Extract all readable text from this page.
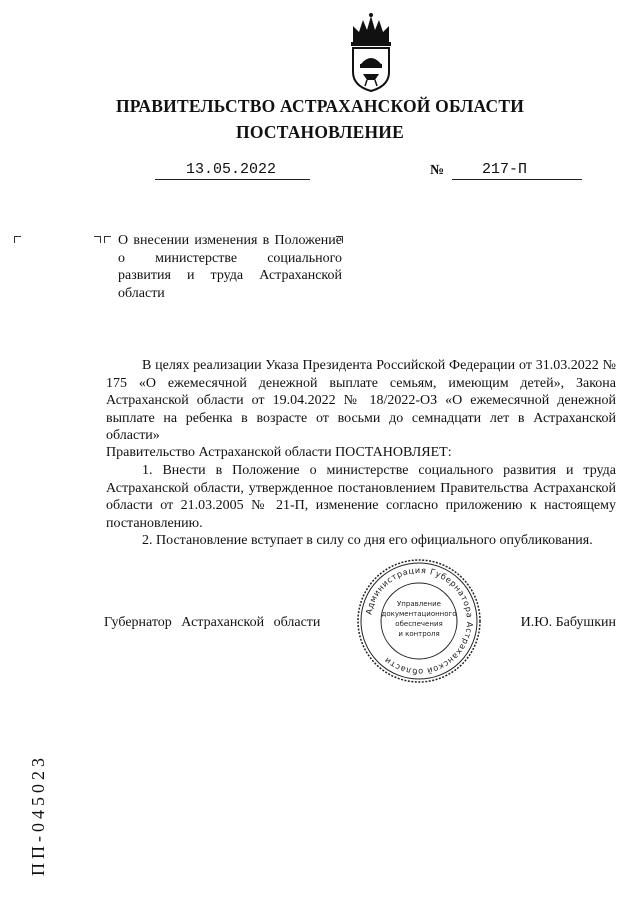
ПРАВИТЕЛЬСТВО АСТРАХАНСКОЙ ОБЛАСТИ
ПОСТАНОВЛЕНИЕ
13.05.2022	№	217-П
О внесении изменения в Положение о министерстве социального развития и труда Астраханской области
В целях реализации Указа Президента Российской Федерации от 31.03.2022 № 175 «О ежемесячной денежной выплате семьям, имеющим детей», Закона Астраханской области от 19.04.2022 № 18/2022-ОЗ «О ежемесячной денежной выплате на ребенка в возрасте от восьми до семнадцати лет в Астраханской области»
Правительство Астраханской области ПОСТАНОВЛЯЕТ:
1. Внести в Положение о министерстве социального развития и труда Астраханской области, утвержденное постановлением Правительства Астраханской области от 21.03.2005 № 21-П, изменение согласно приложению к настоящему постановлению.
2. Постановление вступает в силу со дня его официального опубликования.
Губернатор Астраханской области	И.Ю. Бабушкин
Администрация Губернатора Астраханской области
Управление
документационного
обеспечения
и контроля
ПП-045023
